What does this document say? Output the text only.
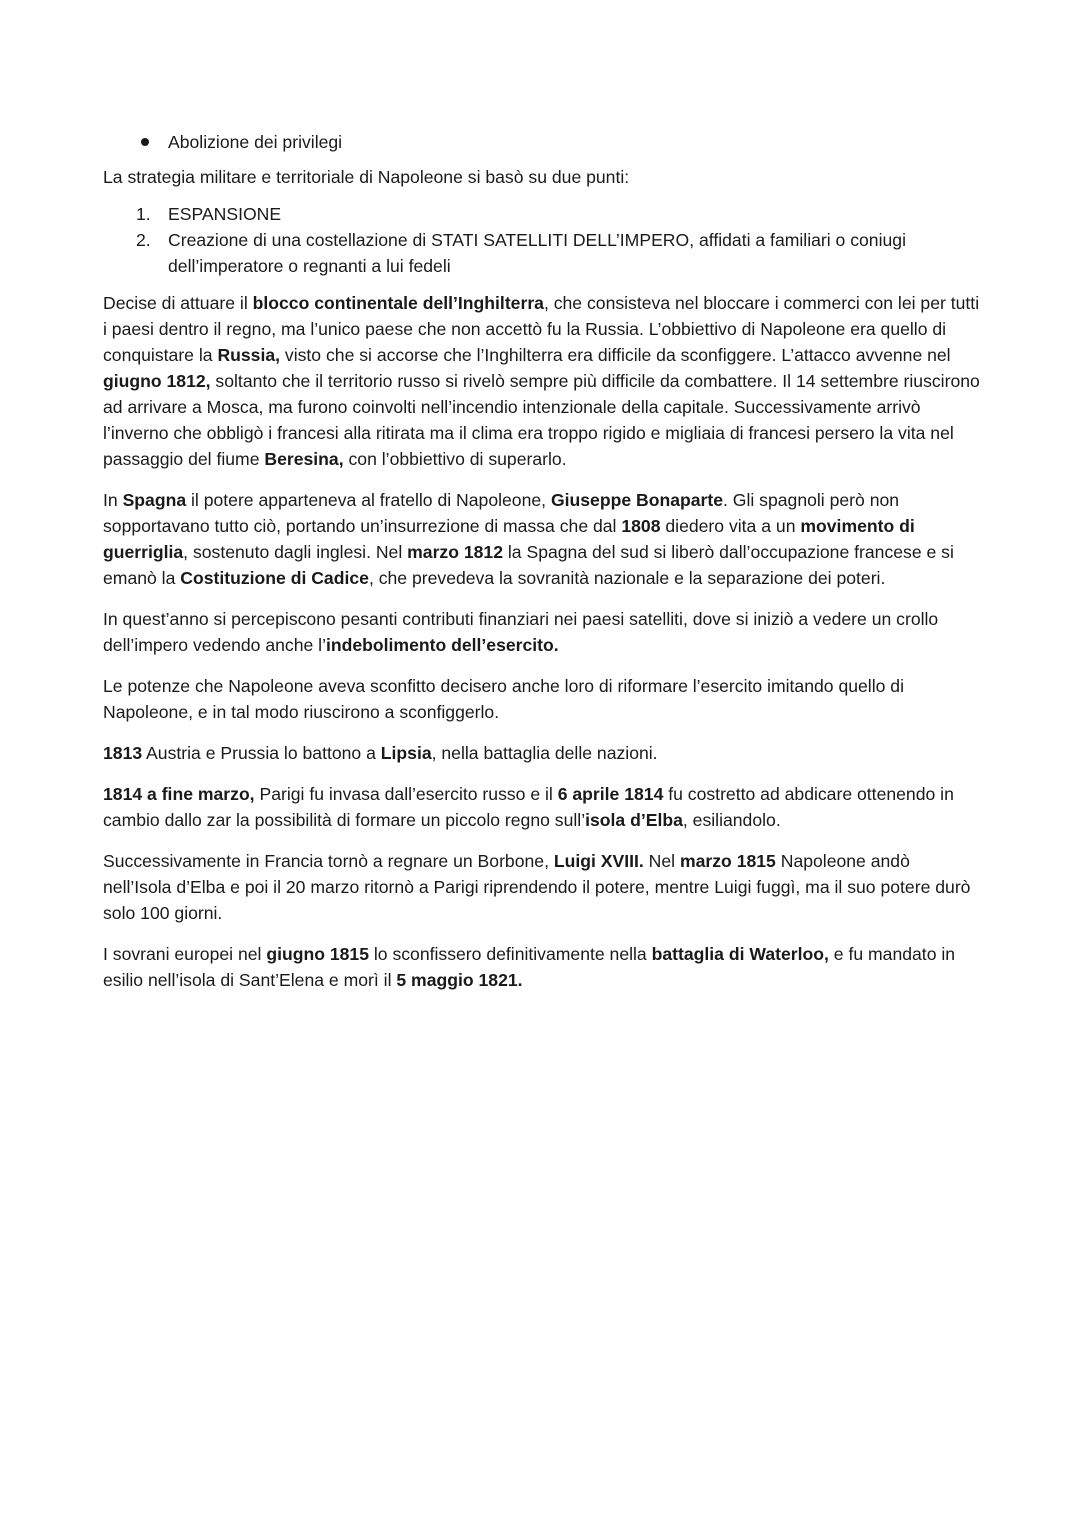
Abolizione dei privilegi
La strategia militare e territoriale di Napoleone si basò su due punti:
1. ESPANSIONE
2. Creazione di una costellazione di STATI SATELLITI DELL’IMPERO, affidati a familiari o coniugi dell’imperatore o regnanti a lui fedeli

Decise di attuare il blocco continentale dell’Inghilterra, che consisteva nel bloccare i commerci con lei per tutti i paesi dentro il regno, ma l’unico paese che non accettò fu la Russia. L’obbiettivo di Napoleone era quello di conquistare la Russia, visto che si accorse che l’Inghilterra era difficile da sconfiggere. L’attacco avvenne nel giugno 1812, soltanto che il territorio russo si rivelò sempre più difficile da combattere. Il 14 settembre riuscirono ad arrivare a Mosca, ma furono coinvolti nell’incendio intenzionale della capitale. Successivamente arrivò l’inverno che obbligò i francesi alla ritirata ma il clima era troppo rigido e migliaia di francesi persero la vita nel passaggio del fiume Beresina, con l’obbiettivo di superarlo.

In Spagna il potere apparteneva al fratello di Napoleone, Giuseppe Bonaparte. Gli spagnoli però non sopportavano tutto ciò, portando un’insurrezione di massa che dal 1808 diedero vita a un movimento di guerriglia, sostenuto dagli inglesi. Nel marzo 1812 la Spagna del sud si liberò dall’occupazione francese e si emanò la Costituzione di Cadice, che prevedeva la sovranità nazionale e la separazione dei poteri.

In quest’anno si percepiscono pesanti contributi finanziari nei paesi satelliti, dove si iniziò a vedere un crollo dell’impero vedendo anche l’indebolimento dell’esercito.

Le potenze che Napoleone aveva sconfitto decisero anche loro di riformare l’esercito imitando quello di Napoleone, e in tal modo riuscirono a sconfiggerlo.

1813 Austria e Prussia lo battono a Lipsia, nella battaglia delle nazioni.

1814 a fine marzo, Parigi fu invasa dall’esercito russo e il 6 aprile 1814 fu costretto ad abdicare ottenendo in cambio dallo zar la possibilità di formare un piccolo regno sull’isola d’Elba, esiliandolo.

Successivamente in Francia tornò a regnare un Borbone, Luigi XVIII. Nel marzo 1815 Napoleone andò nell’Isola d’Elba e poi il 20 marzo ritornò a Parigi riprendendo il potere, mentre Luigi fuggì, ma il suo potere durò solo 100 giorni.

I sovrani europei nel giugno 1815 lo sconfissero definitivamente nella battaglia di Waterloo, e fu mandato in esilio nell’isola di Sant’Elena e morì il 5 maggio 1821.
